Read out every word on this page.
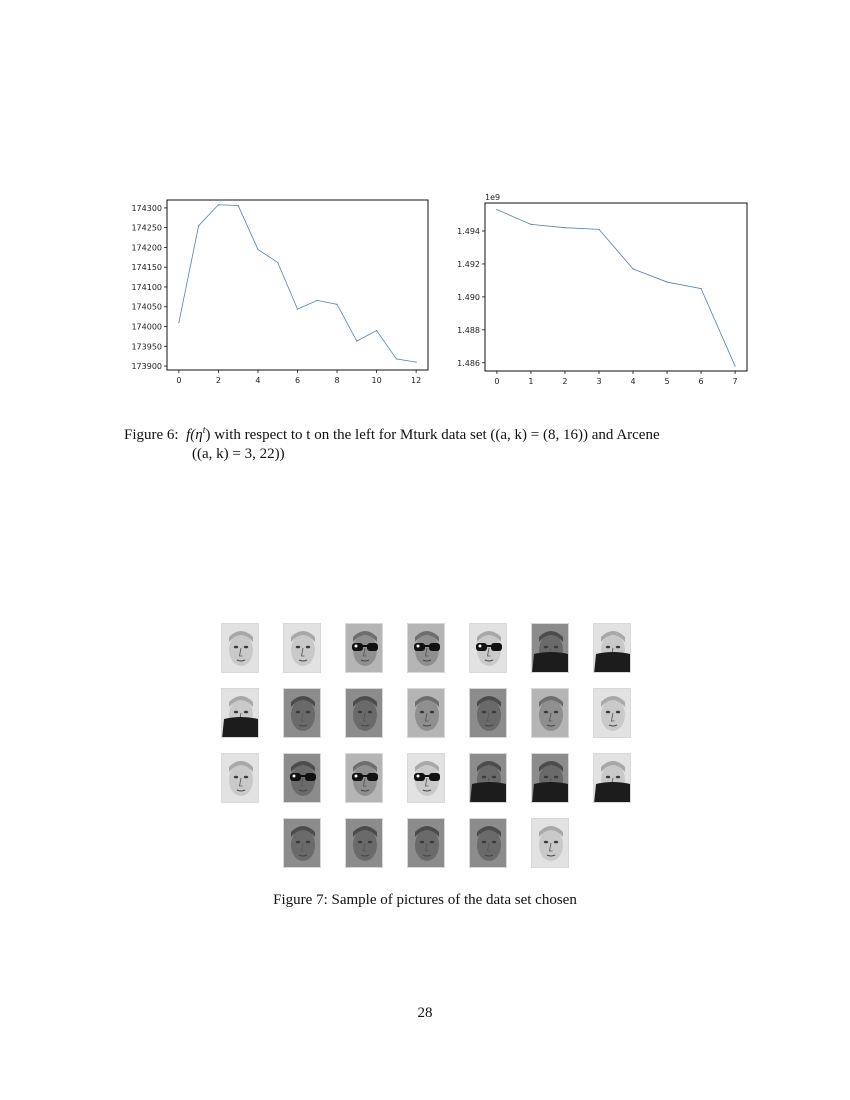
0	2	4	6	8	10	12
173900
173950
174000
174050
174100
174150
174200
174250
174300
1e9
0	1	2	3	4	5	6	7
1.486
1.488
1.490
1.492
1.494
Figure 6: $f(\eta^t)$ with respect to t on the left for Mturk data set ((a, k) = (8, 16)) and Arcene
((a, k) = 3, 22))
Figure 7: Sample of pictures of the data set chosen
28
